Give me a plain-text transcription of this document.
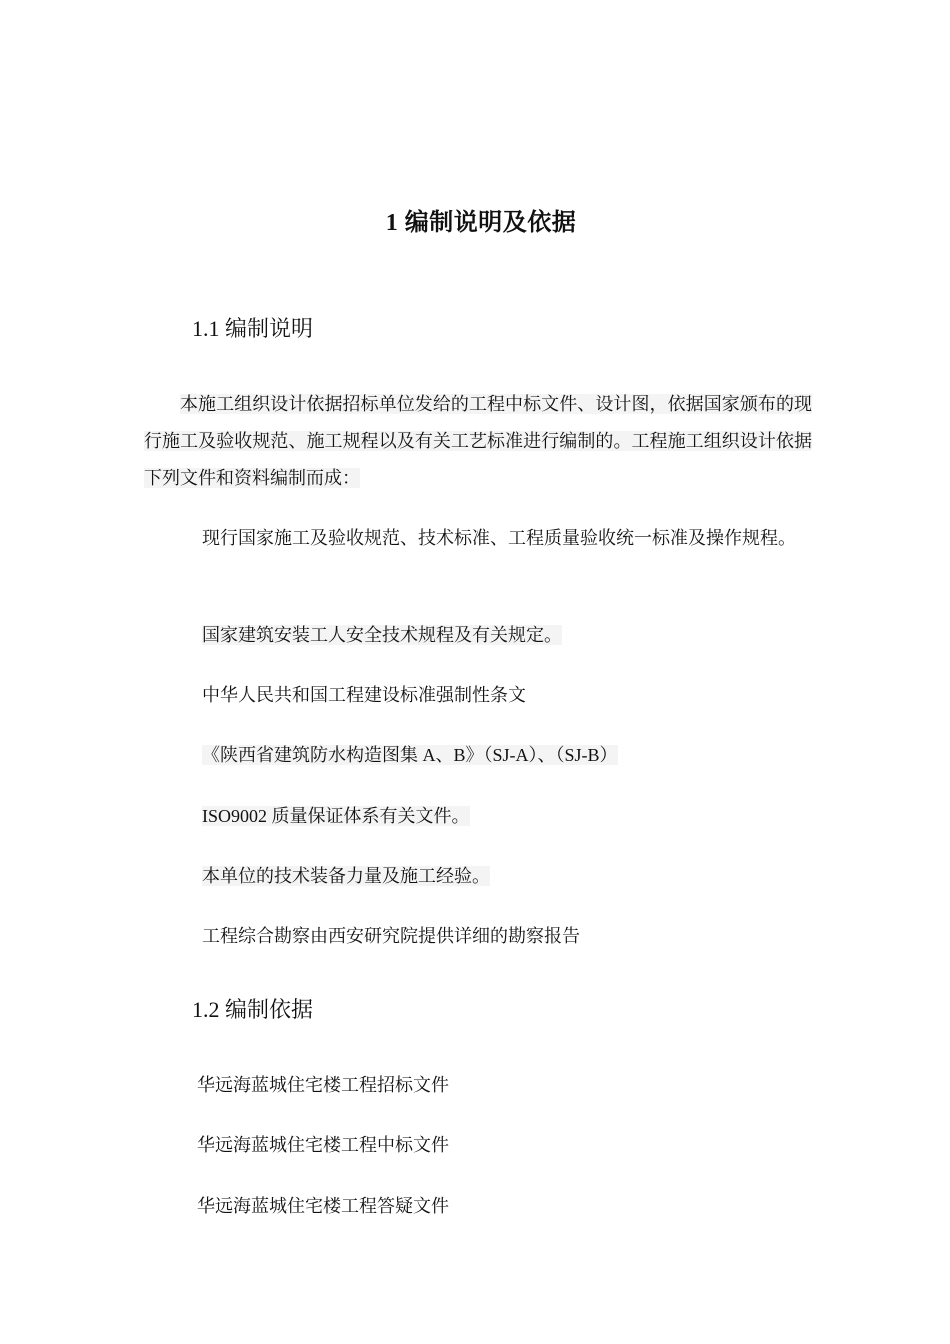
1 编制说明及依据
1.1 编制说明
本施工组织设计依据招标单位发给的工程中标文件、设计图，依据国家颁布的现行施工及验收规范、施工规程以及有关工艺标准进行编制的。工程施工组织设计依据下列文件和资料编制而成：
现行国家施工及验收规范、技术标准、工程质量验收统一标准及操作规程。
国家建筑安装工人安全技术规程及有关规定。
中华人民共和国工程建设标准强制性条文
《陕西省建筑防水构造图集 A、B》（SJ-A）、（SJ-B）
ISO9002 质量保证体系有关文件。
本单位的技术装备力量及施工经验。
工程综合勘察由西安研究院提供详细的勘察报告
1.2 编制依据
华远海蓝城住宅楼工程招标文件
华远海蓝城住宅楼工程中标文件
华远海蓝城住宅楼工程答疑文件
